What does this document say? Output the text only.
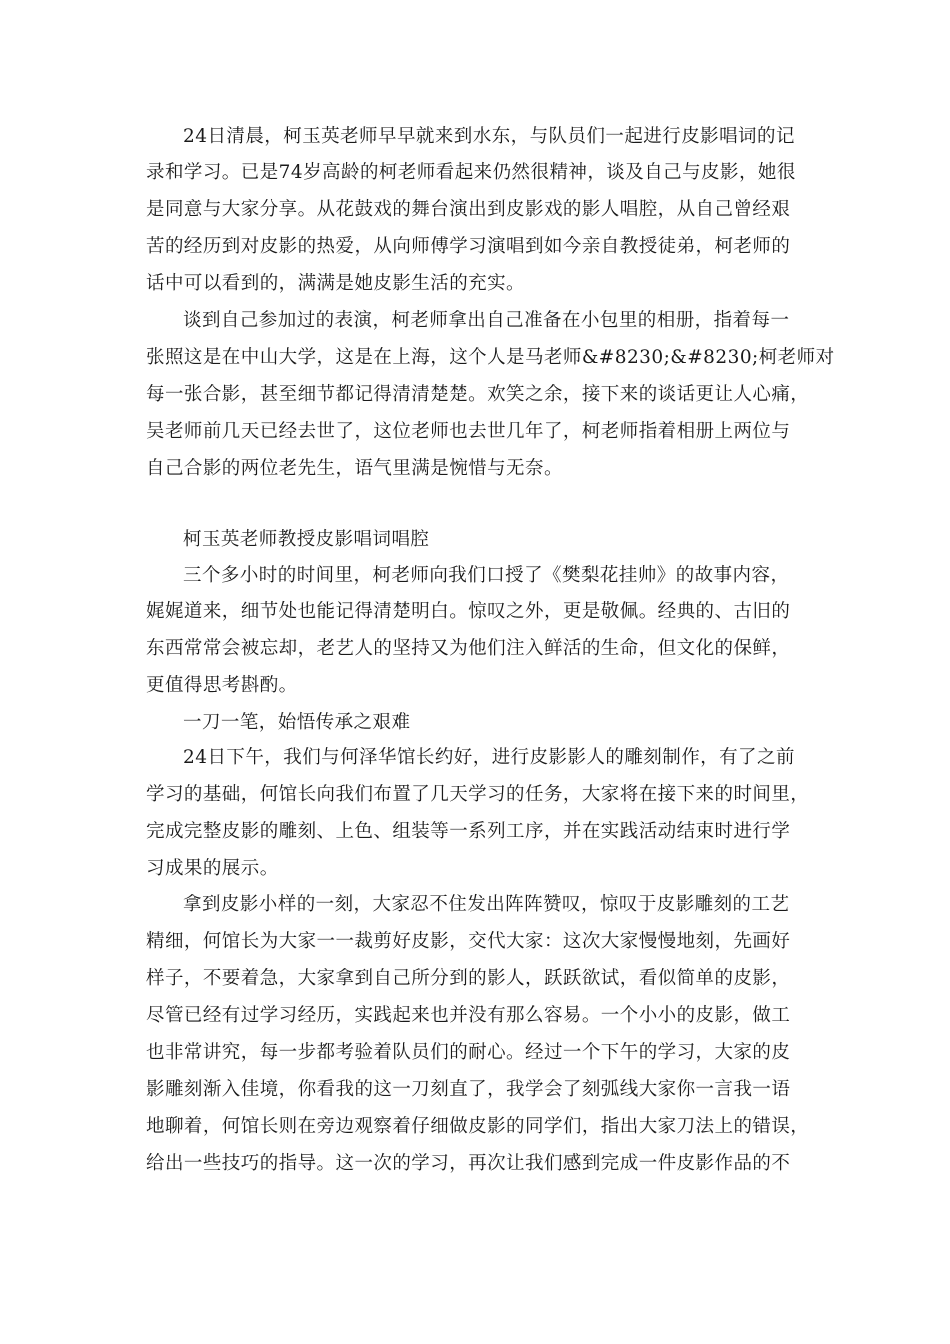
24日清晨，柯玉英老师早早就来到水东，与队员们一起进行皮影唱词的记
录和学习。已是74岁高龄的柯老师看起来仍然很精神，谈及自己与皮影，她很
是同意与大家分享。从花鼓戏的舞台演出到皮影戏的影人唱腔，从自己曾经艰
苦的经历到对皮影的热爱，从向师傅学习演唱到如今亲自教授徒弟，柯老师的
话中可以看到的，满满是她皮影生活的充实。
谈到自己参加过的表演，柯老师拿出自己准备在小包里的相册，指着每一
张照这是在中山大学，这是在上海，这个人是马老师&#8230;&#8230;柯老师对
每一张合影，甚至细节都记得清清楚楚。欢笑之余，接下来的谈话更让人心痛，
吴老师前几天已经去世了，这位老师也去世几年了，柯老师指着相册上两位与
自己合影的两位老先生，语气里满是惋惜与无奈。
柯玉英老师教授皮影唱词唱腔
三个多小时的时间里，柯老师向我们口授了《樊梨花挂帅》的故事内容，
娓娓道来，细节处也能记得清楚明白。惊叹之外，更是敬佩。经典的、古旧的
东西常常会被忘却，老艺人的坚持又为他们注入鲜活的生命，但文化的保鲜，
更值得思考斟酌。
一刀一笔，始悟传承之艰难
24日下午，我们与何泽华馆长约好，进行皮影影人的雕刻制作，有了之前
学习的基础，何馆长向我们布置了几天学习的任务，大家将在接下来的时间里，
完成完整皮影的雕刻、上色、组装等一系列工序，并在实践活动结束时进行学
习成果的展示。
拿到皮影小样的一刻，大家忍不住发出阵阵赞叹，惊叹于皮影雕刻的工艺
精细，何馆长为大家一一裁剪好皮影，交代大家：这次大家慢慢地刻，先画好
样子，不要着急，大家拿到自己所分到的影人，跃跃欲试，看似简单的皮影，
尽管已经有过学习经历，实践起来也并没有那么容易。一个小小的皮影，做工
也非常讲究，每一步都考验着队员们的耐心。经过一个下午的学习，大家的皮
影雕刻渐入佳境，你看我的这一刀刻直了，我学会了刻弧线大家你一言我一语
地聊着，何馆长则在旁边观察着仔细做皮影的同学们，指出大家刀法上的错误，
给出一些技巧的指导。这一次的学习，再次让我们感到完成一件皮影作品的不
